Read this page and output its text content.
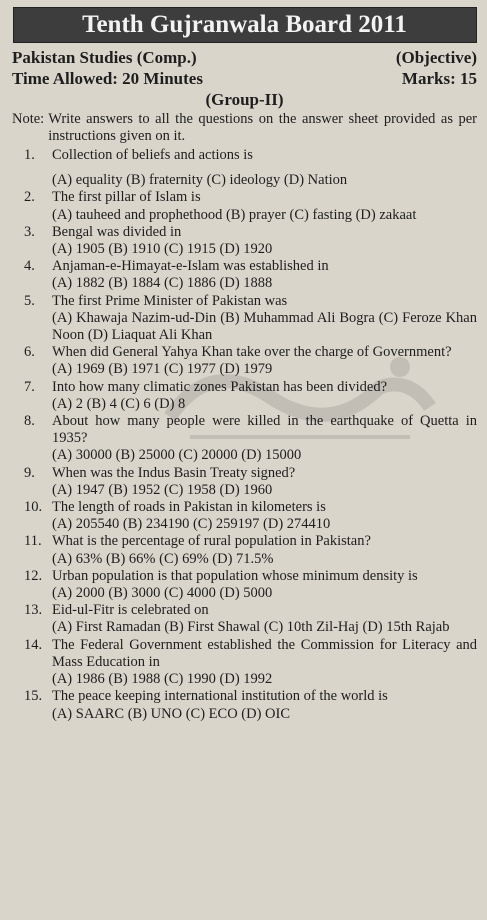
Tenth Gujranwala Board 2011
Pakistan Studies (Comp.)	(Objective)
Time Allowed: 20 Minutes	Marks: 15
(Group-II)
Note: Write answers to all the questions on the answer sheet provided as per instructions given on it.
1.	Collection of beliefs and actions is
(A) equality (B) fraternity (C) ideology (D) Nation
2.	The first pillar of Islam is
(A) tauheed and prophethood (B) prayer (C) fasting (D) zakaat
3.	Bengal was divided in
(A) 1905 (B) 1910 (C) 1915 (D) 1920
4.	Anjaman-e-Himayat-e-Islam was established in
(A) 1882 (B) 1884 (C) 1886 (D) 1888
5.	The first Prime Minister of Pakistan was
(A) Khawaja Nazim-ud-Din (B) Muhammad Ali Bogra (C) Feroze Khan Noon (D) Liaquat Ali Khan
6.	When did General Yahya Khan take over the charge of Government?
(A) 1969 (B) 1971 (C) 1977 (D) 1979
7.	Into how many climatic zones Pakistan has been divided?
(A) 2 (B) 4 (C) 6 (D) 8
8.	About how many people were killed in the earthquake of Quetta in 1935?
(A) 30000 (B) 25000 (C) 20000 (D) 15000
9.	When was the Indus Basin Treaty signed?
(A) 1947 (B) 1952 (C) 1958 (D) 1960
10. The length of roads in Pakistan in kilometers is
(A) 205540 (B) 234190 (C) 259197 (D) 274410
11. What is the percentage of rural population in Pakistan?
(A) 63% (B) 66% (C) 69% (D) 71.5%
12. Urban population is that population whose minimum density is
(A) 2000 (B) 3000 (C) 4000 (D) 5000
13. Eid-ul-Fitr is celebrated on
(A) First Ramadan (B) First Shawal (C) 10th Zil-Haj (D) 15th Rajab
14. The Federal Government established the Commission for Literacy and Mass Education in
(A) 1986 (B) 1988 (C) 1990 (D) 1992
15. The peace keeping international institution of the world is
(A) SAARC (B) UNO (C) ECO (D) OIC
